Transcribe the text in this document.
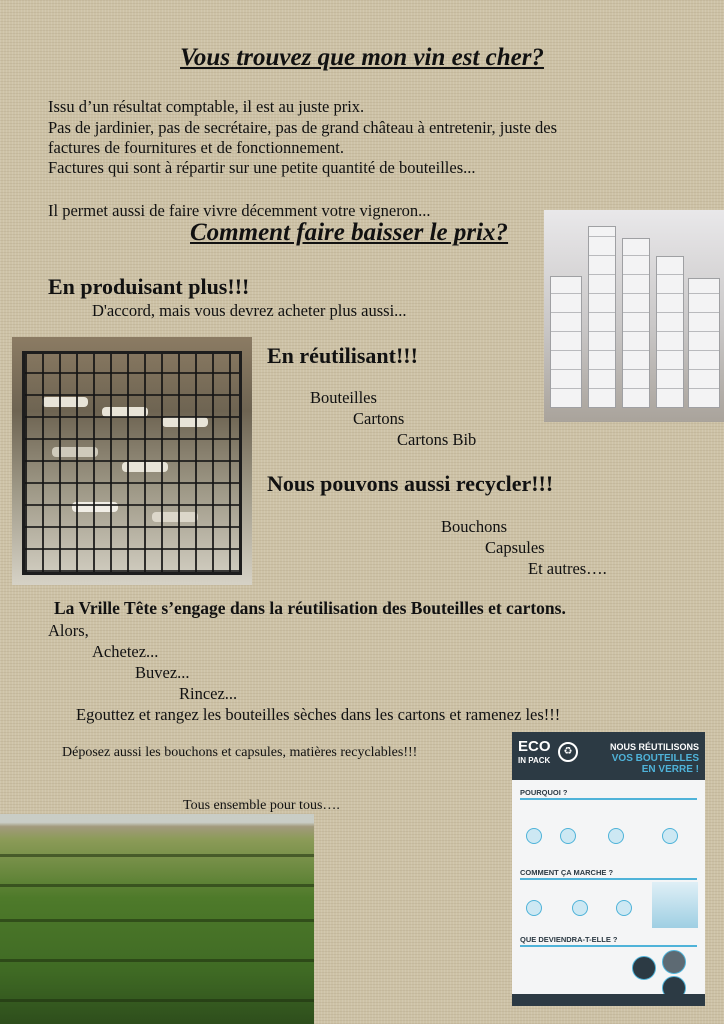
Vous trouvez que mon vin est cher?
Issu d’un résultat comptable, il est au juste prix.
Pas de jardinier, pas de secrétaire, pas de grand château à entretenir, juste des
factures de fournitures et de fonctionnement.
Factures qui sont à répartir sur une petite quantité de bouteilles...
Il permet aussi de faire vivre décemment votre vigneron...
Comment faire baisser le prix?
En produisant plus!!!
D'accord, mais vous devrez acheter plus aussi...
En réutilisant!!!
Bouteilles
Cartons
Cartons Bib
Nous pouvons aussi recycler!!!
Bouchons
Capsules
Et autres….
La Vrille Tête s’engage dans la réutilisation des Bouteilles et cartons.
Alors,
Achetez...
Buvez...
Rincez...
Egouttez et rangez les bouteilles sèches dans les cartons et ramenez les!!!
Déposez aussi les bouchons et capsules, matières recyclables!!!
Tous ensemble pour tous….
ECO
IN PACK
♻	NOUS RÉUTILISONS
VOS BOUTEILLES
EN VERRE !
POURQUOI ?
COMMENT ÇA MARCHE ?
QUE DEVIENDRA-T-ELLE ?
